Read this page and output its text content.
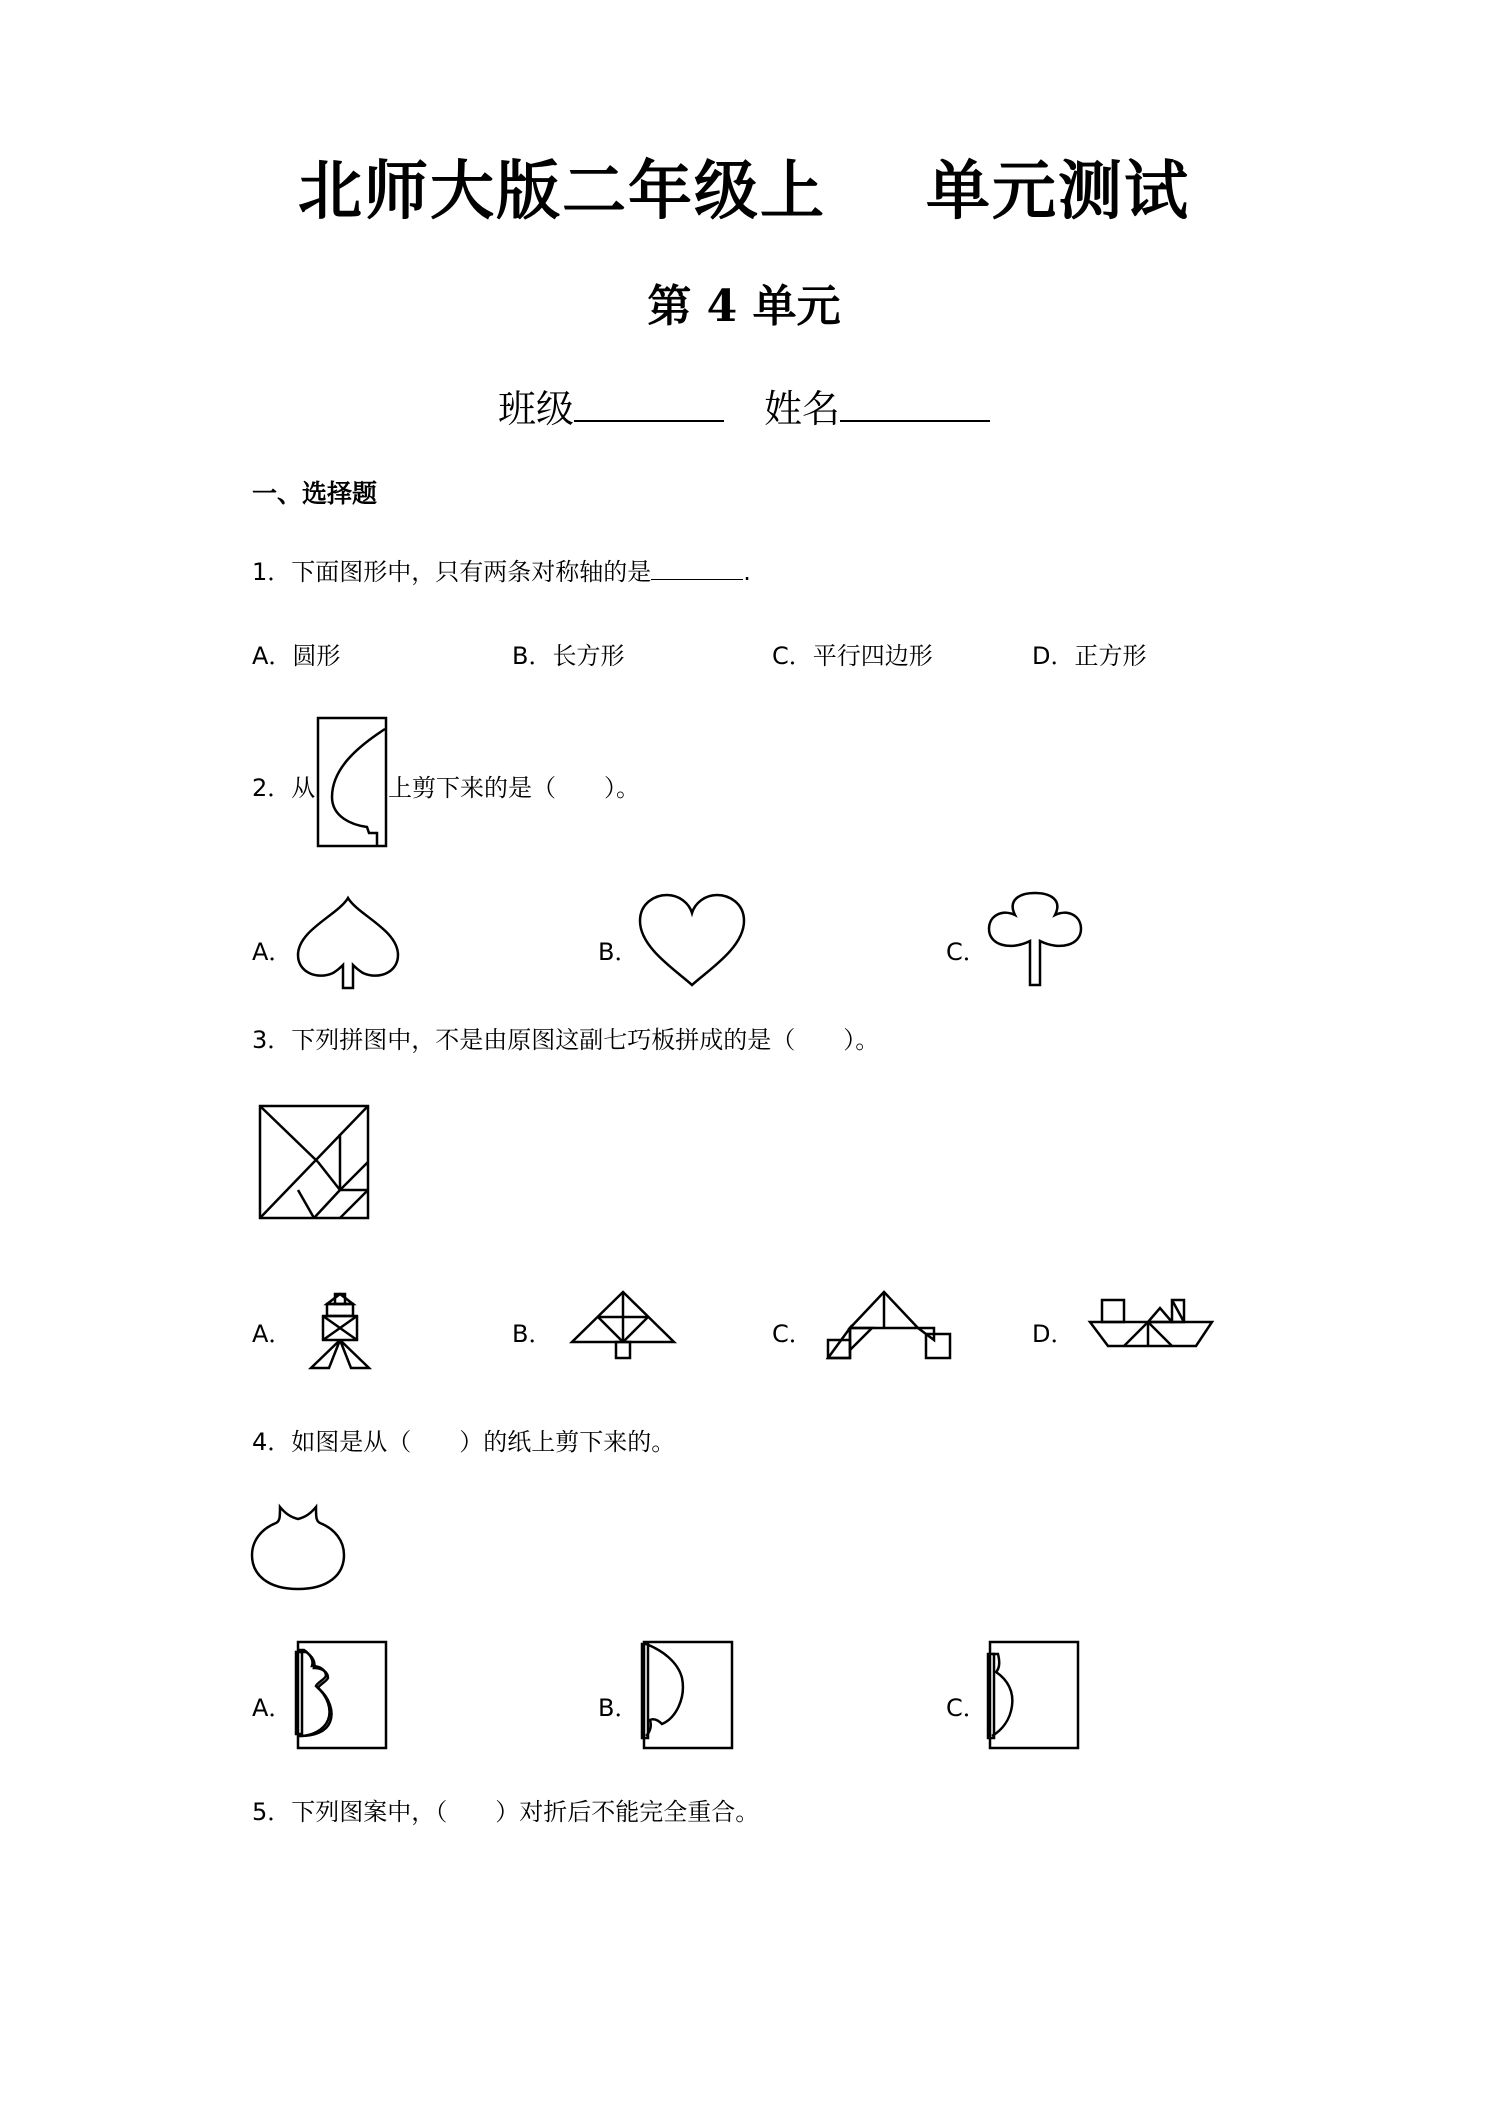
北师大版二年级上 单元测试
第 4 单元
班级	姓名
一、选择题
1．下面图形中，只有两条对称轴的是	.
A．圆形	B．长方形	C．平行四边形	D．正方形
2．从	上剪下来的是（　　）。
A．	B．	C．
3．下列拼图中，不是由原图这副七巧板拼成的是（　　）。
A．	B．	C．	D．
4．如图是从（　　）的纸上剪下来的。
A．	B．	C．
5．下列图案中，（　　）对折后不能完全重合。
